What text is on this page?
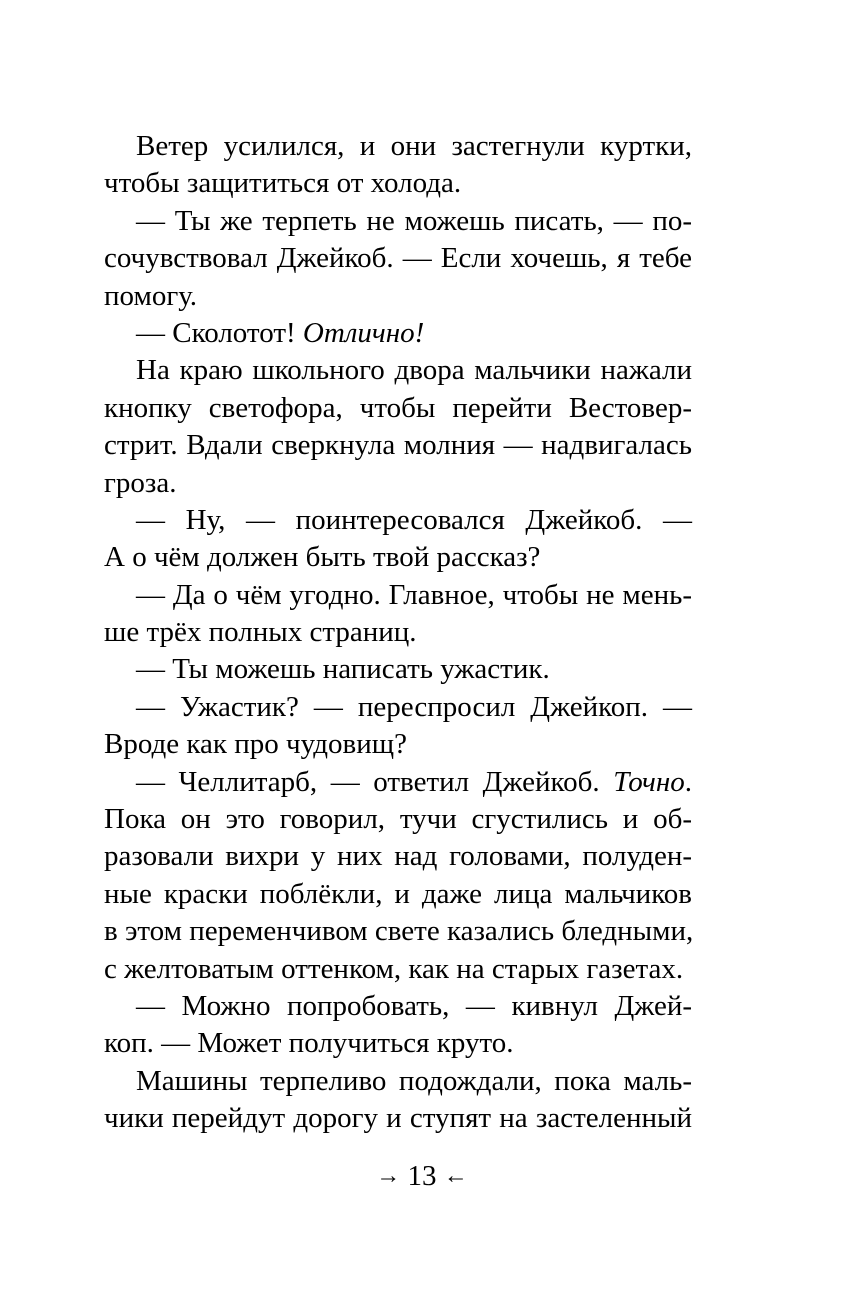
Ветер усилился, и они застегнули куртки,
чтобы защититься от холода.
— Ты же терпеть не можешь писать, — по-
сочувствовал Джейкоб. — Если хочешь, я тебе
помогу.
— Сколотот! Отлично!
На краю школьного двора мальчики нажали
кнопку светофора, чтобы перейти Вестовер-
стрит. Вдали сверкнула молния — надвигалась
гроза.
— Ну, — поинтересовался Джейкоб. —
А о чём должен быть твой рассказ?
— Да о чём угодно. Главное, чтобы не мень-
ше трёх полных страниц.
— Ты можешь написать ужастик.
— Ужастик? — переспросил Джейкоп. —
Вроде как про чудовищ?
— Челлитарб, — ответил Джейкоб. Точно.
Пока он это говорил, тучи сгустились и об-
разовали вихри у них над головами, полуден-
ные краски поблёкли, и даже лица мальчиков
в этом переменчивом свете казались бледными,
с желтоватым оттенком, как на старых газетах.
— Можно попробовать, — кивнул Джей-
коп. — Может получиться круто.
Машины терпеливо подождали, пока маль-
чики перейдут дорогу и ступят на застеленный
→ 13 ←
